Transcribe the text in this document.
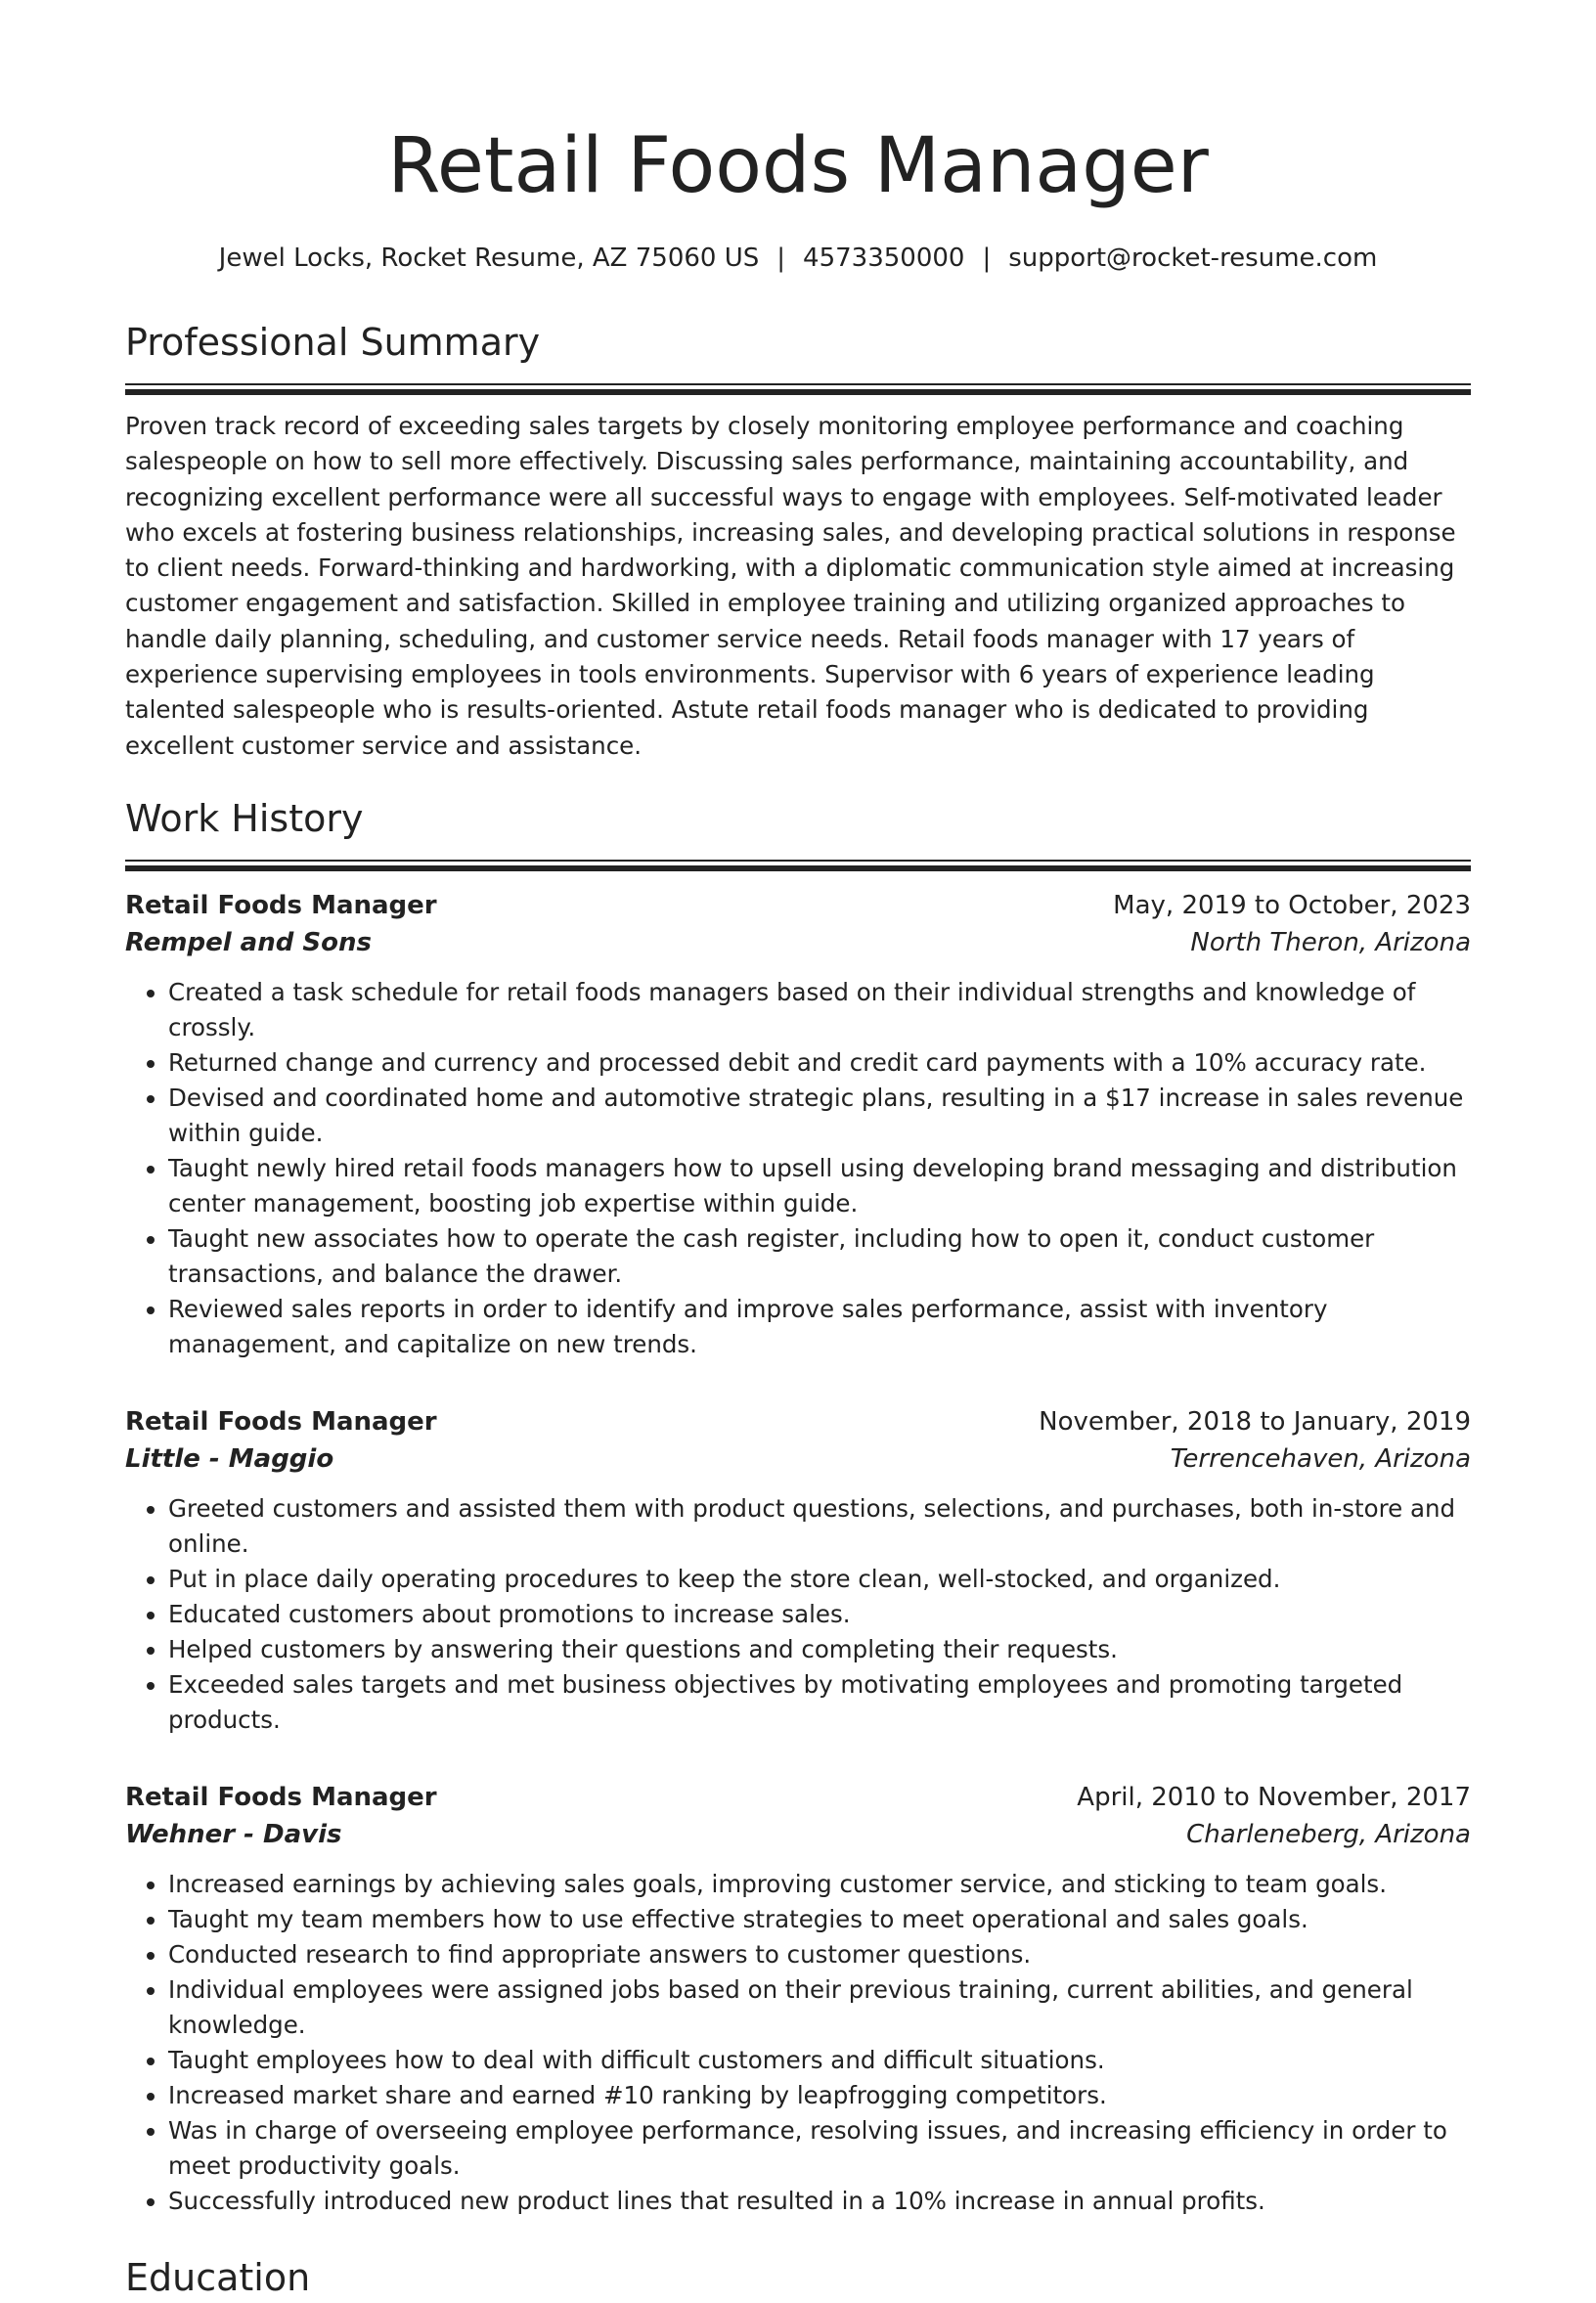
Retail Foods Manager
Jewel Locks, Rocket Resume, AZ 75060 US | 4573350000 | support@rocket-resume.com
Professional Summary
Proven track record of exceeding sales targets by closely monitoring employee performance and coaching salespeople on how to sell more effectively. Discussing sales performance, maintaining accountability, and recognizing excellent performance were all successful ways to engage with employees. Self-motivated leader who excels at fostering business relationships, increasing sales, and developing practical solutions in response to client needs. Forward-thinking and hardworking, with a diplomatic communication style aimed at increasing customer engagement and satisfaction. Skilled in employee training and utilizing organized approaches to handle daily planning, scheduling, and customer service needs. Retail foods manager with 17 years of experience supervising employees in tools environments. Supervisor with 6 years of experience leading talented salespeople who is results-oriented. Astute retail foods manager who is dedicated to providing excellent customer service and assistance.
Work History
Retail Foods Manager	May, 2019 to October, 2023
Rempel and Sons	North Theron, Arizona
• Created a task schedule for retail foods managers based on their individual strengths and knowledge of crossly.
• Returned change and currency and processed debit and credit card payments with a 10% accuracy rate.
• Devised and coordinated home and automotive strategic plans, resulting in a $17 increase in sales revenue within guide.
• Taught newly hired retail foods managers how to upsell using developing brand messaging and distribution center management, boosting job expertise within guide.
• Taught new associates how to operate the cash register, including how to open it, conduct customer transactions, and balance the drawer.
• Reviewed sales reports in order to identify and improve sales performance, assist with inventory management, and capitalize on new trends.
Retail Foods Manager	November, 2018 to January, 2019
Little - Maggio	Terrencehaven, Arizona
• Greeted customers and assisted them with product questions, selections, and purchases, both in-store and online.
• Put in place daily operating procedures to keep the store clean, well-stocked, and organized.
• Educated customers about promotions to increase sales.
• Helped customers by answering their questions and completing their requests.
• Exceeded sales targets and met business objectives by motivating employees and promoting targeted products.
Retail Foods Manager	April, 2010 to November, 2017
Wehner - Davis	Charleneberg, Arizona
• Increased earnings by achieving sales goals, improving customer service, and sticking to team goals.
• Taught my team members how to use effective strategies to meet operational and sales goals.
• Conducted research to find appropriate answers to customer questions.
• Individual employees were assigned jobs based on their previous training, current abilities, and general knowledge.
• Taught employees how to deal with difficult customers and difficult situations.
• Increased market share and earned #10 ranking by leapfrogging competitors.
• Was in charge of overseeing employee performance, resolving issues, and increasing efficiency in order to meet productivity goals.
• Successfully introduced new product lines that resulted in a 10% increase in annual profits.
Education
